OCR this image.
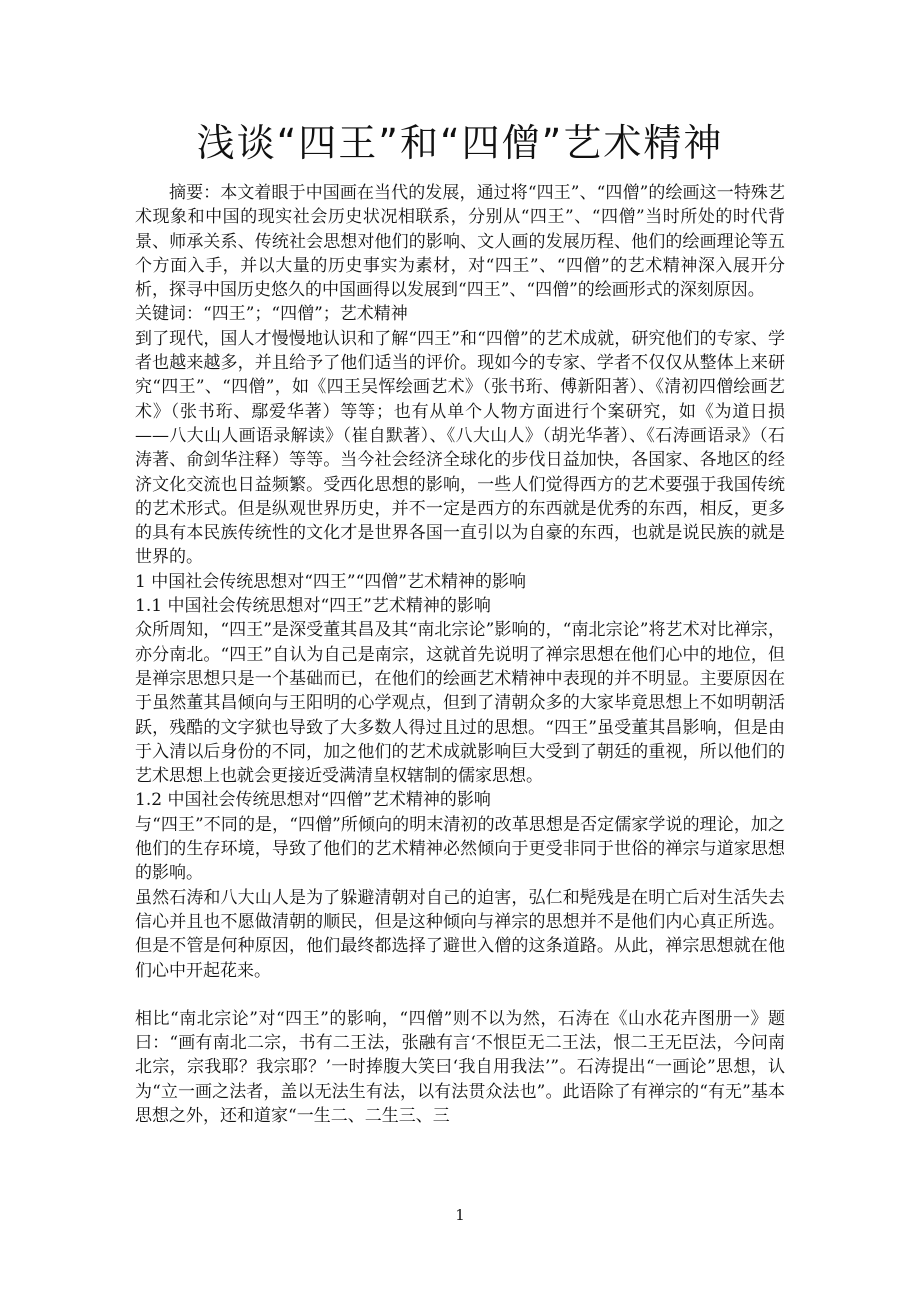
浅谈“四王”和“四僧”艺术精神

摘要：本文着眼于中国画在当代的发展，通过将“四王”、“四僧”的绘画这一特殊艺术现象和中国的现实社会历史状况相联系，分别从“四王”、“四僧”当时所处的时代背景、师承关系、传统社会思想对他们的影响、文人画的发展历程、他们的绘画理论等五个方面入手，并以大量的历史事实为素材，对“四王”、“四僧”的艺术精神深入展开分析，探寻中国历史悠久的中国画得以发展到“四王”、“四僧”的绘画形式的深刻原因。

关键词：“四王”；“四僧”；艺术精神

到了现代，国人才慢慢地认识和了解“四王”和“四僧”的艺术成就，研究他们的专家、学者也越来越多，并且给予了他们适当的评价。现如今的专家、学者不仅仅从整体上来研究“四王”、“四僧”，如《四王吴恽绘画艺术》（张书珩、傅新阳著）、《清初四僧绘画艺术》（张书珩、鄢爱华著）等等；也有从单个人物方面进行个案研究，如《为道日损——八大山人画语录解读》（崔自默著）、《八大山人》（胡光华著）、《石涛画语录》（石涛著、俞剑华注释）等等。当今社会经济全球化的步伐日益加快，各国家、各地区的经济文化交流也日益频繁。受西化思想的影响，一些人们觉得西方的艺术要强于我国传统的艺术形式。但是纵观世界历史，并不一定是西方的东西就是优秀的东西，相反，更多的具有本民族传统性的文化才是世界各国一直引以为自豪的东西，也就是说民族的就是世界的。

1 中国社会传统思想对“四王”“四僧”艺术精神的影响

1.1 中国社会传统思想对“四王”艺术精神的影响

众所周知，“四王”是深受董其昌及其“南北宗论”影响的，“南北宗论”将艺术对比禅宗，亦分南北。“四王”自认为自己是南宗，这就首先说明了禅宗思想在他们心中的地位，但是禅宗思想只是一个基础而已，在他们的绘画艺术精神中表现的并不明显。主要原因在于虽然董其昌倾向与王阳明的心学观点，但到了清朝众多的大家毕竟思想上不如明朝活跃，残酷的文字狱也导致了大多数人得过且过的思想。“四王”虽受董其昌影响，但是由于入清以后身份的不同，加之他们的艺术成就影响巨大受到了朝廷的重视，所以他们的艺术思想上也就会更接近受满清皇权辖制的儒家思想。

1.2 中国社会传统思想对“四僧”艺术精神的影响

与“四王”不同的是，“四僧”所倾向的明末清初的改革思想是否定儒家学说的理论，加之他们的生存环境，导致了他们的艺术精神必然倾向于更受非同于世俗的禅宗与道家思想的影响。

虽然石涛和八大山人是为了躲避清朝对自己的迫害，弘仁和髡残是在明亡后对生活失去信心并且也不愿做清朝的顺民，但是这种倾向与禅宗的思想并不是他们内心真正所选。但是不管是何种原因，他们最终都选择了避世入僧的这条道路。从此，禅宗思想就在他们心中开起花来。

相比“南北宗论”对“四王”的影响，“四僧”则不以为然，石涛在《山水花卉图册一》题曰：“画有南北二宗，书有二王法，张融有言‘不恨臣无二王法，恨二王无臣法，今问南北宗，宗我耶？我宗耶？’一时捧腹大笑曰‘我自用我法’”。石涛提出“一画论”思想，认为“立一画之法者，盖以无法生有法，以有法贯众法也”。此语除了有禅宗的“有无”基本思想之外，还和道家“一生二、二生三、三

1
